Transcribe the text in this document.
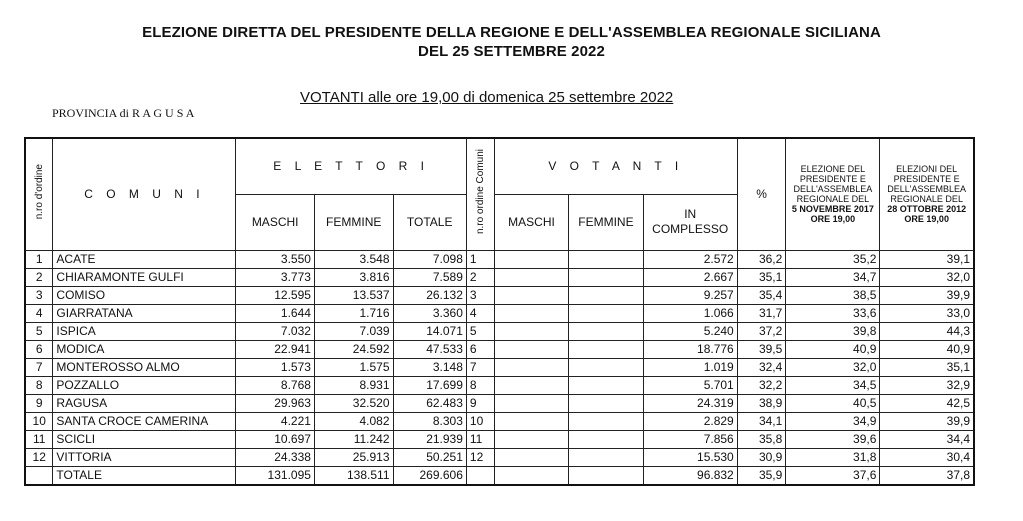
ELEZIONE DIRETTA DEL PRESIDENTE DELLA REGIONE E DELL'ASSEMBLEA REGIONALE SICILIANA
DEL 25 SETTEMBRE 2022
VOTANTI alle ore 19,00 di domenica 25 settembre 2022
PROVINCIA di R A G U S A
n.ro d'ordine	C O M U N I	E L E T T O R I			n.ro ordine Comuni	V O T A N T I			%	ELEZIONE DEL PRESIDENTE E DELL'ASSEMBLEA REGIONALE DEL
5 NOVEMBRE 2017 ORE 19,00	ELEZIONI DEL PRESIDENTE E DELL'ASSEMBLEA REGIONALE DEL
28 OTTOBRE 2012 ORE 19,00
		MASCHI	FEMMINE	TOTALE		MASCHI	FEMMINE	IN COMPLESSO			
1	ACATE	3.550	3.548	7.098	1			2.572	36,2	35,2	39,1
2	CHIARAMONTE GULFI	3.773	3.816	7.589	2			2.667	35,1	34,7	32,0
3	COMISO	12.595	13.537	26.132	3			9.257	35,4	38,5	39,9
4	GIARRATANA	1.644	1.716	3.360	4			1.066	31,7	33,6	33,0
5	ISPICA	7.032	7.039	14.071	5			5.240	37,2	39,8	44,3
6	MODICA	22.941	24.592	47.533	6			18.776	39,5	40,9	40,9
7	MONTEROSSO ALMO	1.573	1.575	3.148	7			1.019	32,4	32,0	35,1
8	POZZALLO	8.768	8.931	17.699	8			5.701	32,2	34,5	32,9
9	RAGUSA	29.963	32.520	62.483	9			24.319	38,9	40,5	42,5
10	SANTA CROCE CAMERINA	4.221	4.082	8.303	10			2.829	34,1	34,9	39,9
11	SCICLI	10.697	11.242	21.939	11			7.856	35,8	39,6	34,4
12	VITTORIA	24.338	25.913	50.251	12			15.530	30,9	31,8	30,4
	TOTALE	131.095	138.511	269.606				96.832	35,9	37,6	37,8
